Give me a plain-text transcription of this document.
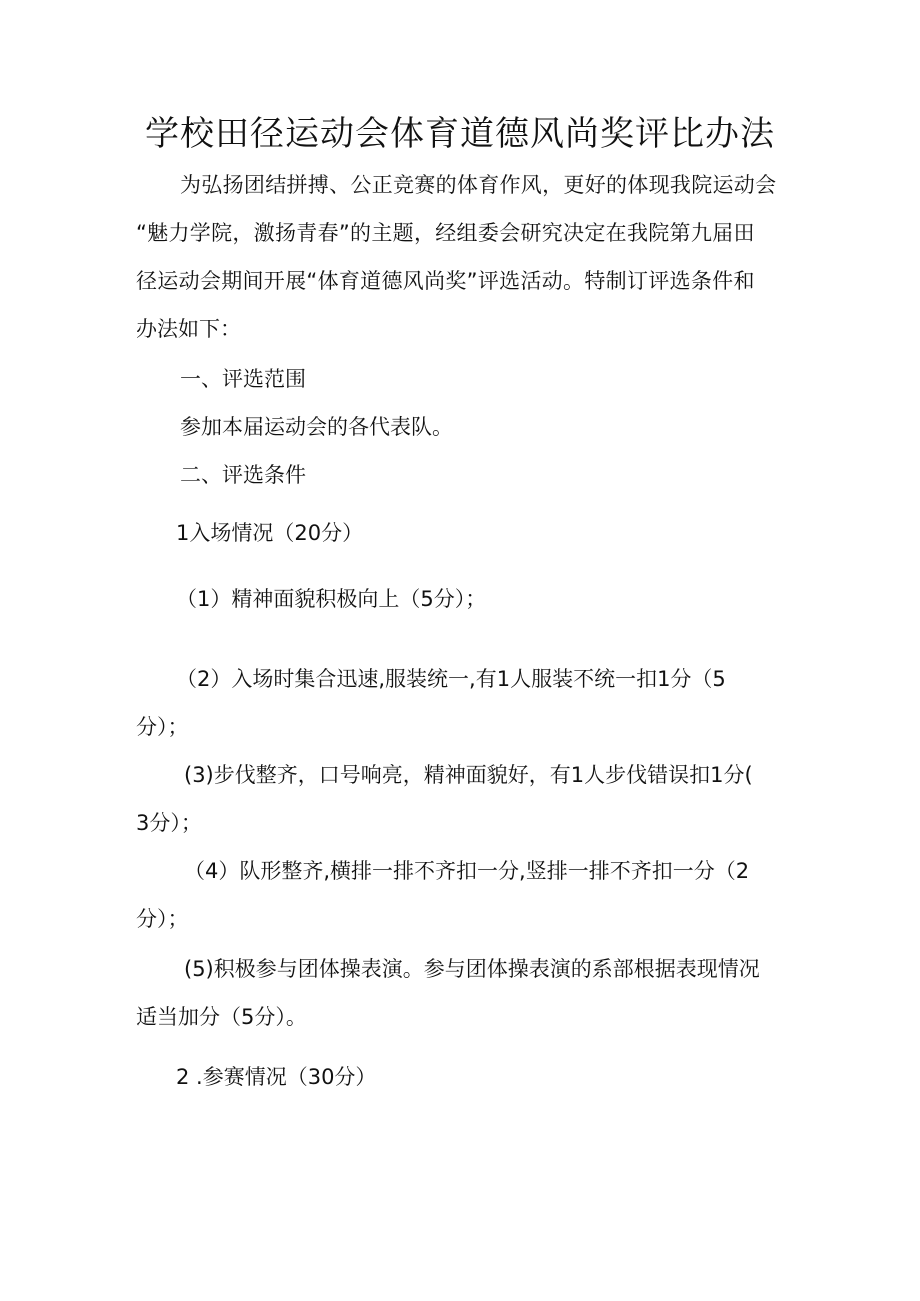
学校田径运动会体育道德风尚奖评比办法
为弘扬团结拼搏、公正竞赛的体育作风，更好的体现我院运动会
“魅力学院，激扬青春”的主题，经组委会研究决定在我院第九届田
径运动会期间开展“体育道德风尚奖”评选活动。特制订评选条件和
办法如下：
一、评选范围
参加本届运动会的各代表队。
二、评选条件
1入场情况（20分）
（1）精神面貌积极向上（5分）；
（2）入场时集合迅速,服装统一,有1人服装不统一扣1分（5
分）；
(3)步伐整齐，口号响亮，精神面貌好，有1人步伐错误扣1分(
3分）；
（4）队形整齐,横排一排不齐扣一分,竖排一排不齐扣一分（2
分）；
(5)积极参与团体操表演。参与团体操表演的系部根据表现情况
适当加分（5分）。
2 .参赛情况（30分）
